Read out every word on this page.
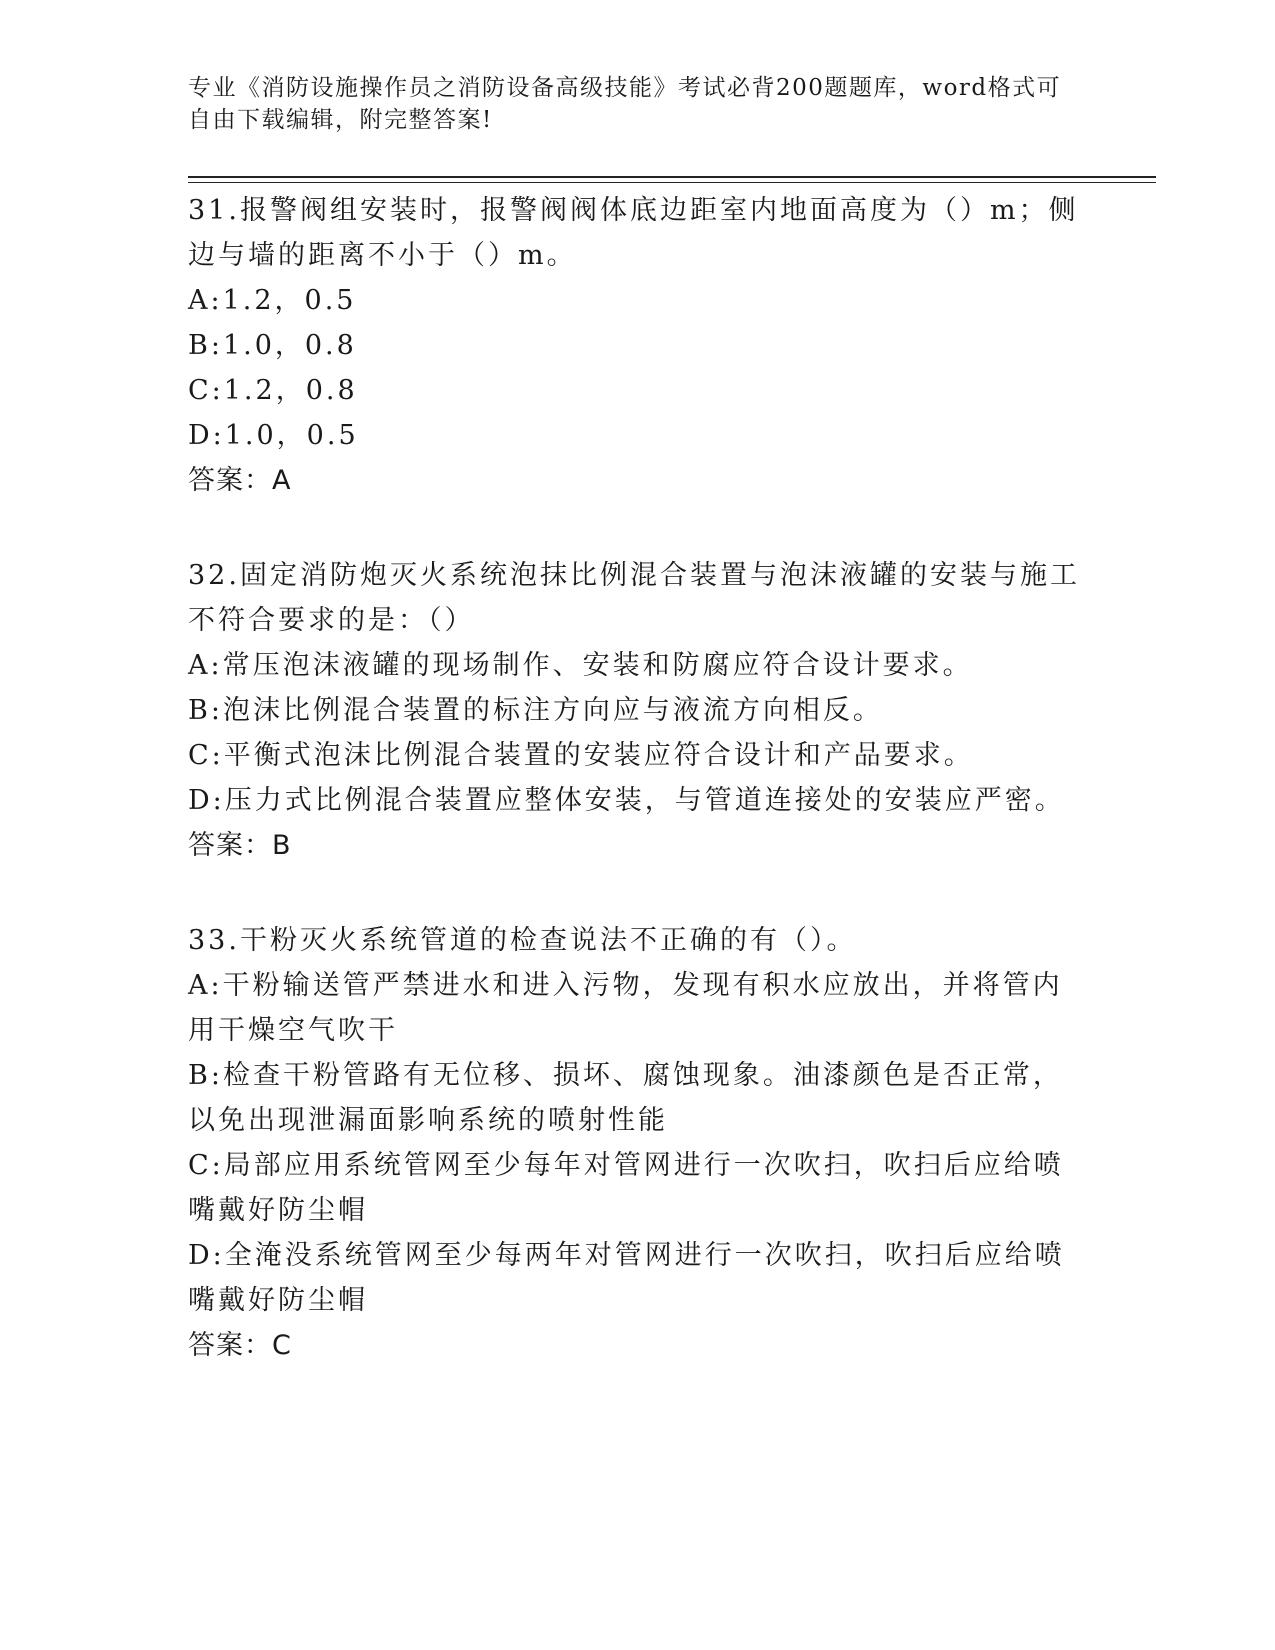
专业《消防设施操作员之消防设备高级技能》考试必背200题题库，word格式可自由下载编辑，附完整答案!

31.报警阀组安装时，报警阀阀体底边距室内地面高度为（）m；侧边与墙的距离不小于（）m。

A:1.2，0.5

B:1.0，0.8

C:1.2，0.8

D:1.0，0.5

答案：A

32.固定消防炮灭火系统泡抹比例混合装置与泡沫液罐的安装与施工不符合要求的是：（）

A:常压泡沫液罐的现场制作、安装和防腐应符合设计要求。

B:泡沫比例混合装置的标注方向应与液流方向相反。

C:平衡式泡沫比例混合装置的安装应符合设计和产品要求。

D:压力式比例混合装置应整体安装，与管道连接处的安装应严密。

答案：B

33.干粉灭火系统管道的检查说法不正确的有（）。

A:干粉输送管严禁进水和进入污物，发现有积水应放出，并将管内用干燥空气吹干

B:检查干粉管路有无位移、损坏、腐蚀现象。油漆颜色是否正常，以免出现泄漏面影响系统的喷射性能

C:局部应用系统管网至少每年对管网进行一次吹扫，吹扫后应给喷嘴戴好防尘帽

D:全淹没系统管网至少每两年对管网进行一次吹扫，吹扫后应给喷嘴戴好防尘帽

答案：C
